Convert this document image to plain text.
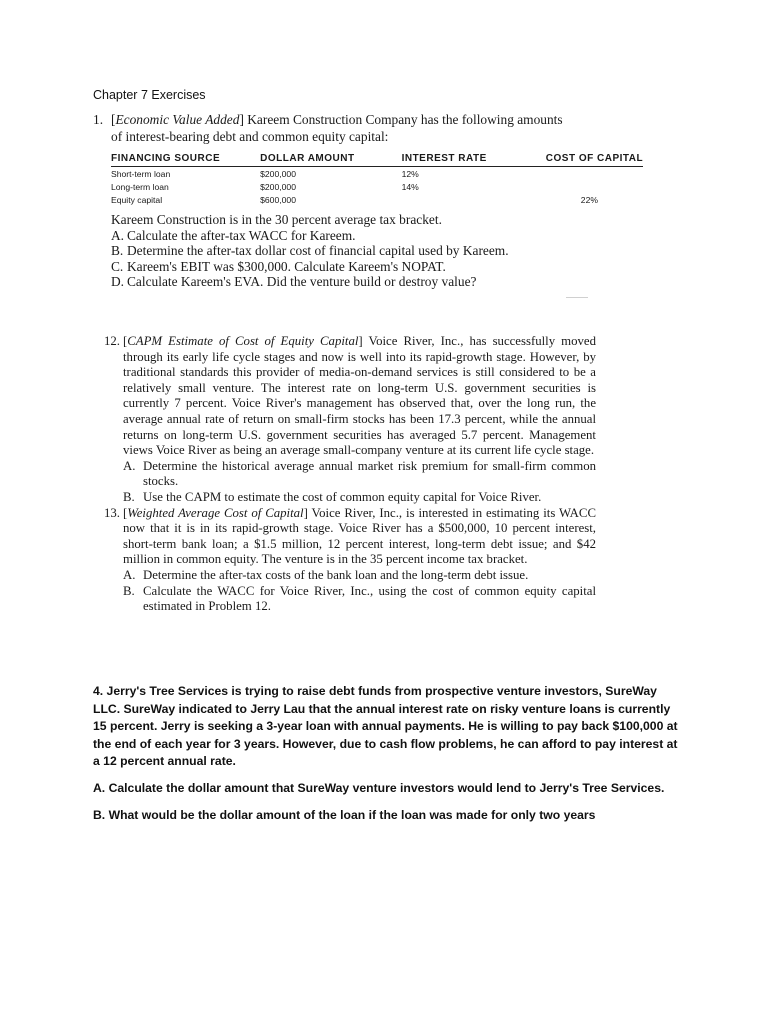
Chapter 7 Exercises
1. [Economic Value Added] Kareem Construction Company has the following amounts
of interest-bearing debt and common equity capital:
FINANCING SOURCE	DOLLAR AMOUNT	INTEREST RATE	COST OF CAPITAL
Short-term loan	$200,000	12%	
Long-term loan	$200,000	14%	
Equity capital	$600,000		22%
Kareem Construction is in the 30 percent average tax bracket.
A. Calculate the after-tax WACC for Kareem.
B. Determine the after-tax dollar cost of financial capital used by Kareem.
C. Kareem's EBIT was $300,000. Calculate Kareem's NOPAT.
D. Calculate Kareem's EVA. Did the venture build or destroy value?
12. [CAPM Estimate of Cost of Equity Capital] Voice River, Inc., has successfully moved through its early life cycle stages and now is well into its rapid-growth stage. However, by traditional standards this provider of media-on-demand services is still considered to be a relatively small venture. The interest rate on long-term U.S. government securities is currently 7 percent. Voice River's management has observed that, over the long run, the average annual rate of return on small-firm stocks has been 17.3 percent, while the annual returns on long-term U.S. government securities has averaged 5.7 percent. Management views Voice River as being an average small-company venture at its current life cycle stage.
A. Determine the historical average annual market risk premium for small-firm common stocks.
B. Use the CAPM to estimate the cost of common equity capital for Voice River.
13. [Weighted Average Cost of Capital] Voice River, Inc., is interested in estimating its WACC now that it is in its rapid-growth stage. Voice River has a $500,000, 10 percent interest, short-term bank loan; a $1.5 million, 12 percent interest, long-term debt issue; and $42 million in common equity. The venture is in the 35 percent income tax bracket.
A. Determine the after-tax costs of the bank loan and the long-term debt issue.
B. Calculate the WACC for Voice River, Inc., using the cost of common equity capital estimated in Problem 12.

4. Jerry's Tree Services is trying to raise debt funds from prospective venture investors, SureWay LLC. SureWay indicated to Jerry Lau that the annual interest rate on risky venture loans is currently 15 percent. Jerry is seeking a 3-year loan with annual payments. He is willing to pay back $100,000 at the end of each year for 3 years. However, due to cash flow problems, he can afford to pay interest at a 12 percent annual rate.

A. Calculate the dollar amount that SureWay venture investors would lend to Jerry's Tree Services.

B. What would be the dollar amount of the loan if the loan was made for only two years
